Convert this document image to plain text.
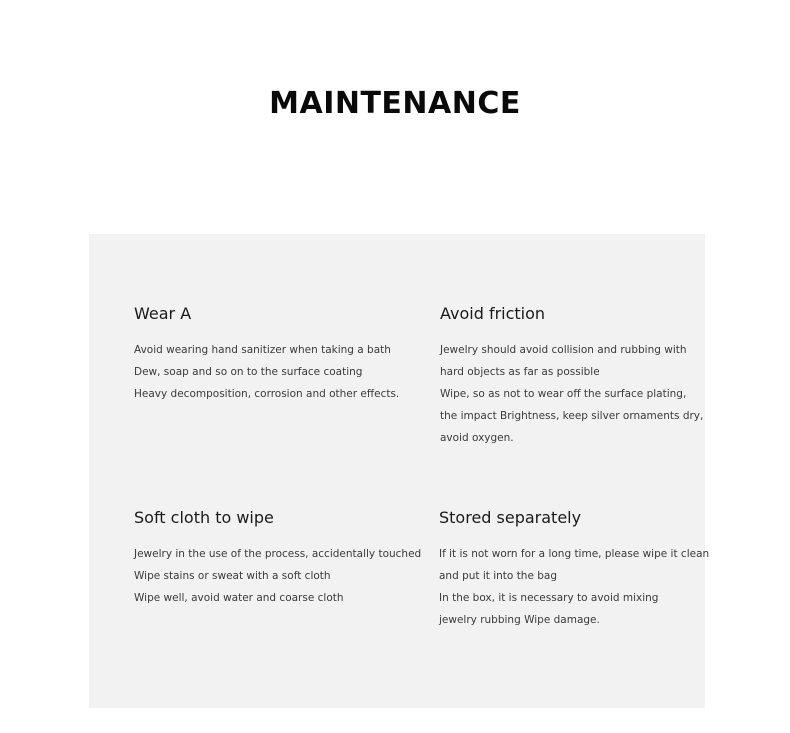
MAINTENANCE
Wear A
Avoid wearing hand sanitizer when taking a bath
Dew, soap and so on to the surface coating
Heavy decomposition, corrosion and other effects.
Avoid friction
Jewelry should avoid collision and rubbing with
hard objects as far as possible
Wipe, so as not to wear off the surface plating,
the impact Brightness, keep silver ornaments dry,
avoid oxygen.
Soft cloth to wipe
Jewelry in the use of the process, accidentally touched
Wipe stains or sweat with a soft cloth
Wipe well, avoid water and coarse cloth
Stored separately
If it is not worn for a long time, please wipe it clean
and put it into the bag
In the box, it is necessary to avoid mixing
jewelry rubbing Wipe damage.
